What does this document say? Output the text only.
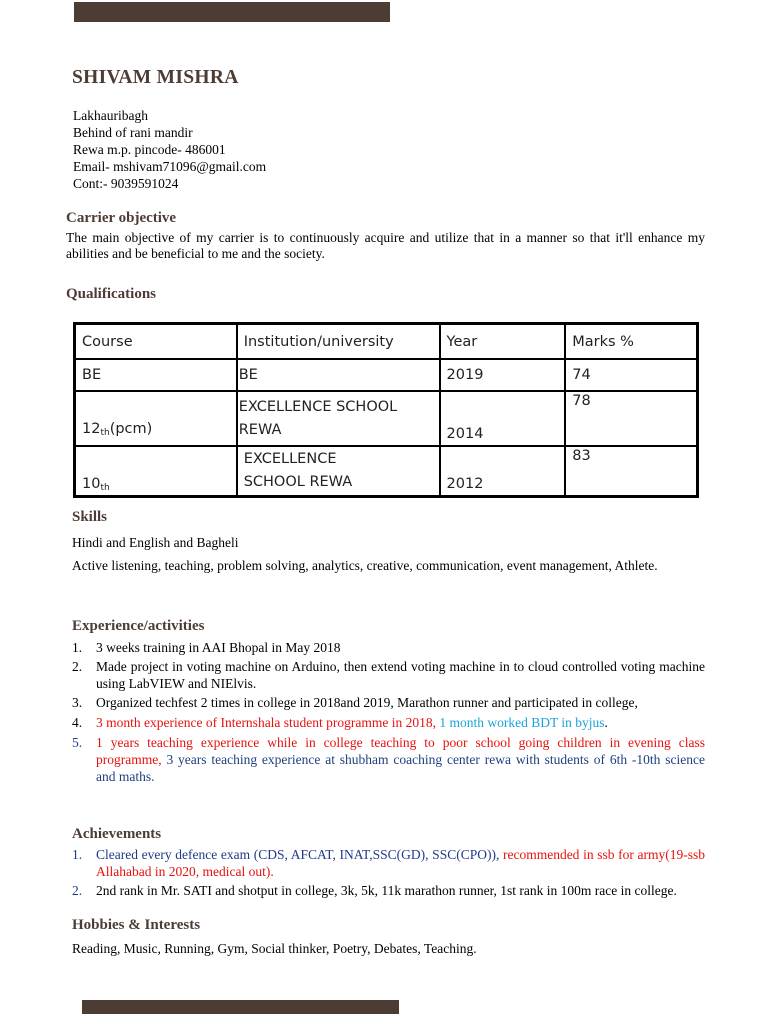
SHIVAM MISHRA
Lakhauribagh
Behind of rani mandir
Rewa m.p. pincode- 486001
Email- mshivam71096@gmail.com
Cont:- 9039591024
Carrier objective
The main objective of my carrier is to continuously acquire and utilize that in a manner so that it'll enhance my abilities and be beneficial to me and the society.
Qualifications
Course	Institution/university	Year	Marks %
BE	BE	2019	74
12th(pcm)	EXCELLENCE SCHOOL REWA	2014	78
10th	EXCELLENCE SCHOOL REWA	2012	83
Skills
Hindi and English and Bagheli
Active listening, teaching, problem solving, analytics, creative, communication, event management, Athlete.
Experience/activities
1. 3 weeks training in AAI Bhopal in May 2018
2. Made project in voting machine on Arduino, then extend voting machine in to cloud controlled voting machine using LabVIEW and NIElvis.
3. Organized techfest 2 times in college in 2018and 2019, Marathon runner and participated in college,
4. 3 month experience of Internshala student programme in 2018, 1 month worked BDT in byjus.
5. 1 years teaching experience while in college teaching to poor school going children in evening class programme, 3 years teaching experience at shubham coaching center rewa with students of 6th -10th science and maths.
Achievements
1. Cleared every defence exam (CDS, AFCAT, INAT,SSC(GD), SSC(CPO)), recommended in ssb for army(19-ssb Allahabad in 2020, medical out).
2. 2nd rank in Mr. SATI and shotput in college, 3k, 5k, 11k marathon runner, 1st rank in 100m race in college.
Hobbies & Interests
Reading, Music, Running, Gym, Social thinker, Poetry, Debates, Teaching.
